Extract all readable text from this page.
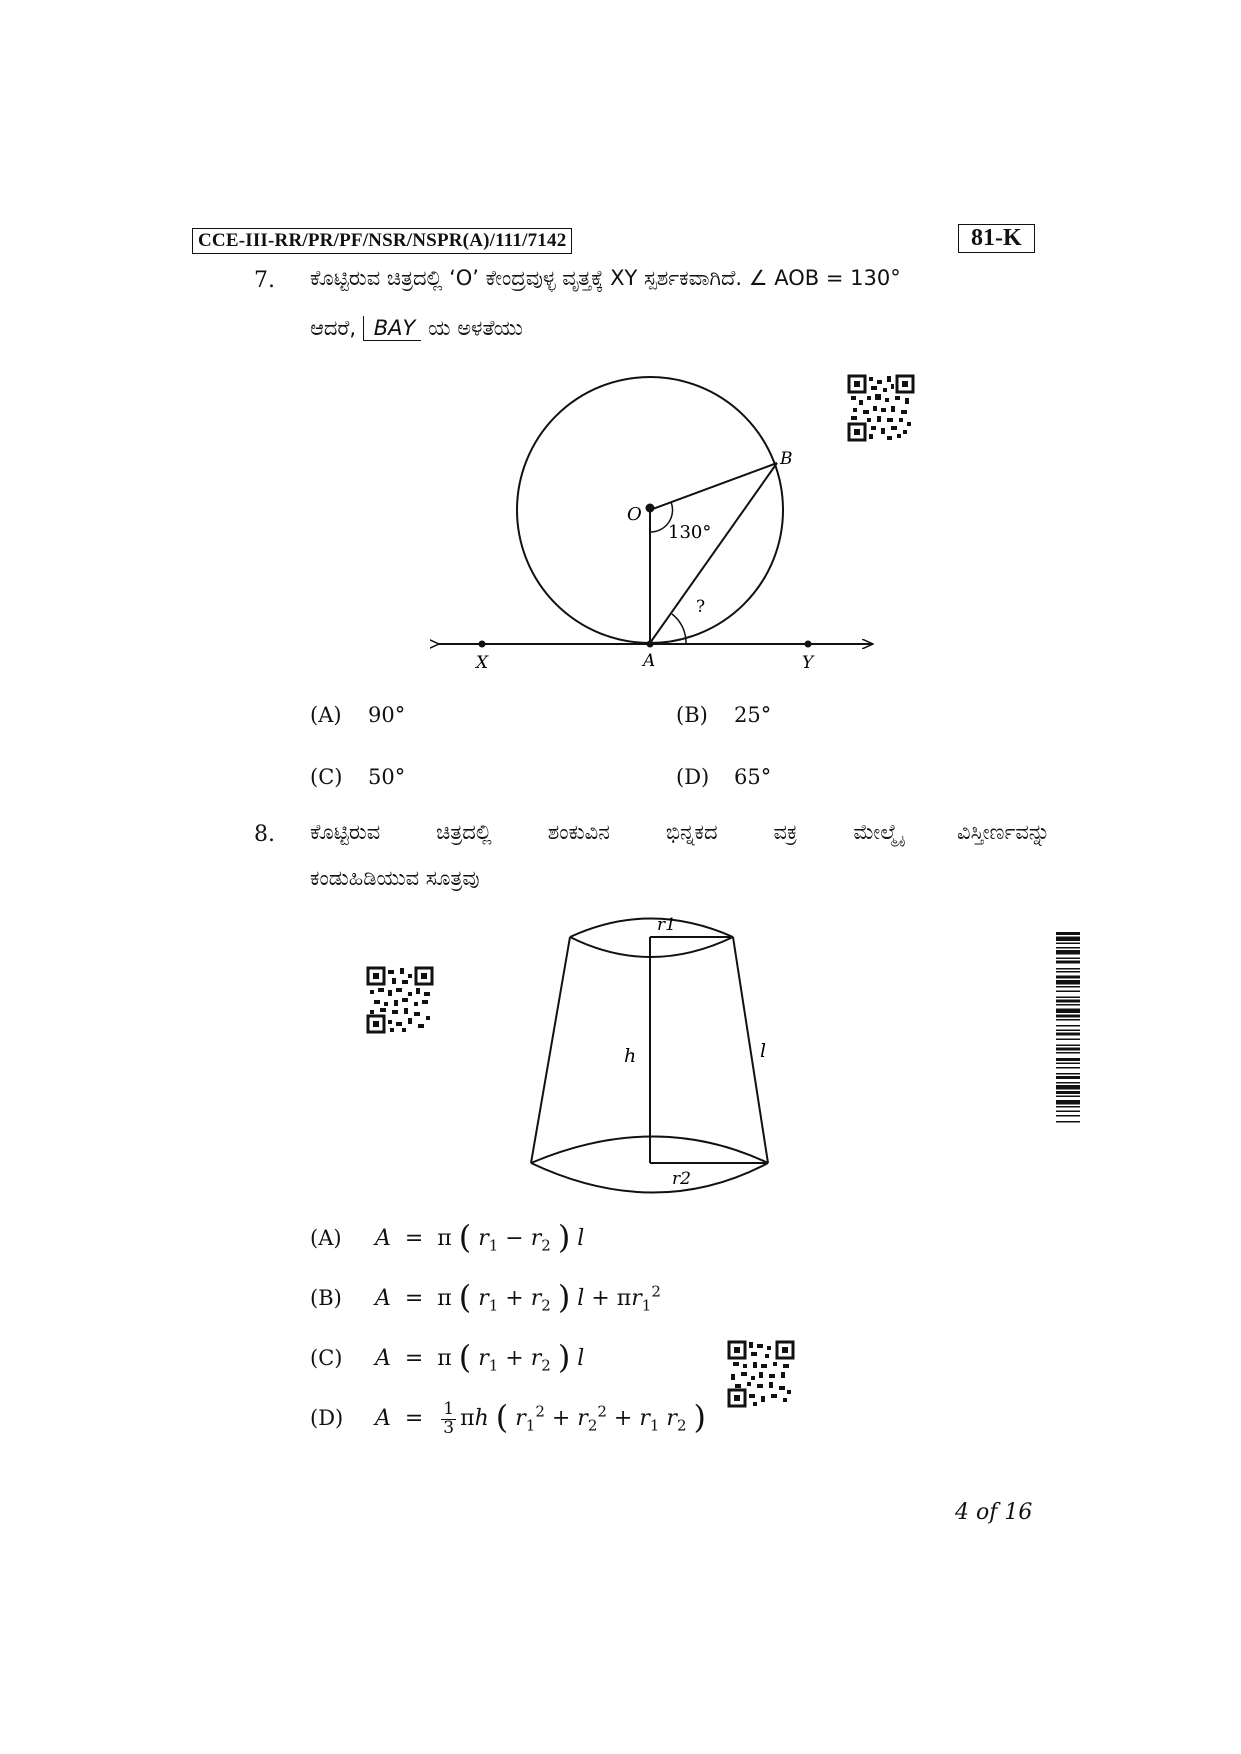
CCE-III-RR/PR/PF/NSR/NSPR(A)/111/7142	81-K
7. ಕೊಟ್ಟಿರುವ ಚಿತ್ರದಲ್ಲಿ ‘O’ ಕೇಂದ್ರವುಳ್ಳ ವೃತ್ತಕ್ಕೆ XY ಸ್ಪರ್ಶಕವಾಗಿದೆ. ∠ AOB = 130°
ಆದರೆ, BAY ಯ ಅಳತೆಯು
O
130°
B
?
X	A	Y
(A) 90°	(B) 25°
(C) 50°	(D) 65°
8. ಕೊಟ್ಟಿರುವ ಚಿತ್ರದಲ್ಲಿ ಶಂಕುವಿನ ಭಿನ್ನಕದ ವಕ್ರ ಮೇಲ್ಮೈ ವಿಸ್ತೀರ್ಣವನ್ನು
ಕಂಡುಹಿಡಿಯುವ ಸೂತ್ರವು
r1
r2
h	l
(A) A  =  π ( $r_1 - r_2$ ) l
(B) A  =  π ( $r_1 + r_2$ ) $l + \pi r_1^2$
(C) A  =  π ( $r_1 + r_2$ ) l
(D) $A = \frac{1}{3}$ πh ( $r_1^2 + r_2^2 + r_1$ $r_2$ )
4 of 16
